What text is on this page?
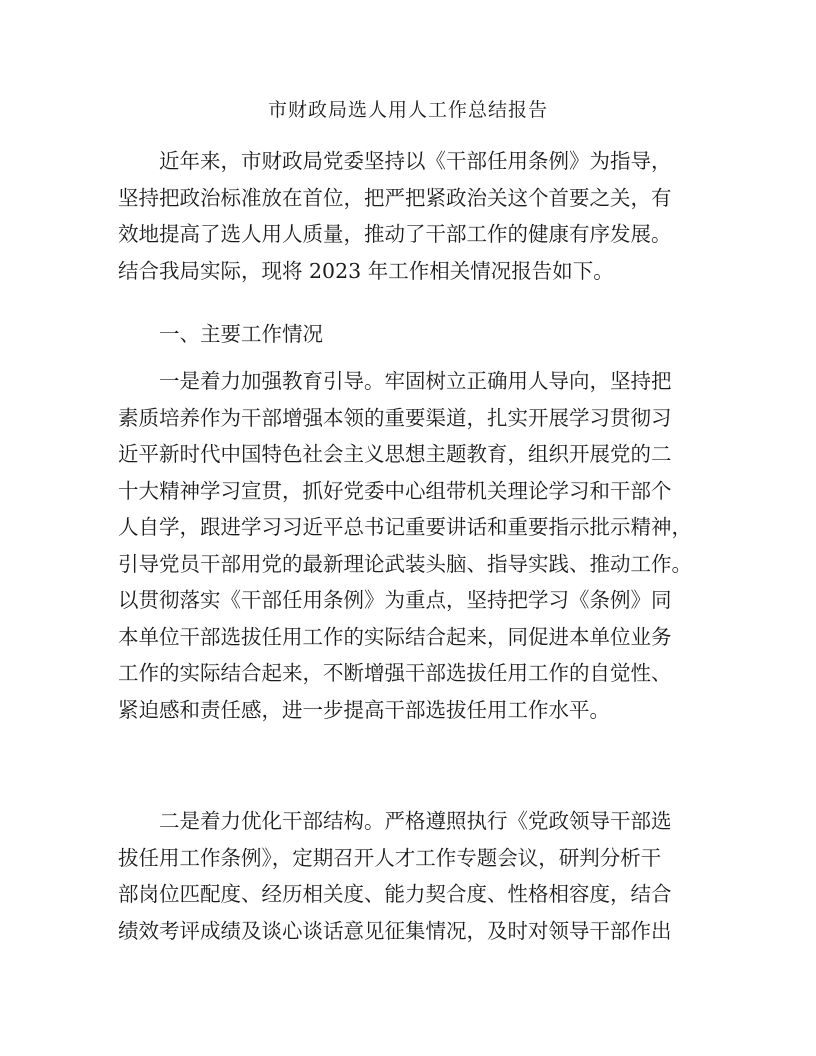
市财政局选人用人工作总结报告

　　近年来，市财政局党委坚持以《干部任用条例》为指导，
坚持把政治标准放在首位，把严把紧政治关这个首要之关，有
效地提高了选人用人质量，推动了干部工作的健康有序发展。
结合我局实际，现将 2023 年工作相关情况报告如下。

　　一、主要工作情况

　　一是着力加强教育引导。牢固树立正确用人导向，坚持把
素质培养作为干部增强本领的重要渠道，扎实开展学习贯彻习
近平新时代中国特色社会主义思想主题教育，组织开展党的二
十大精神学习宣贯，抓好党委中心组带机关理论学习和干部个
人自学，跟进学习习近平总书记重要讲话和重要指示批示精神，
引导党员干部用党的最新理论武装头脑、指导实践、推动工作。
以贯彻落实《干部任用条例》为重点，坚持把学习《条例》同
本单位干部选拔任用工作的实际结合起来，同促进本单位业务
工作的实际结合起来，不断增强干部选拔任用工作的自觉性、
紧迫感和责任感，进一步提高干部选拔任用工作水平。

　　二是着力优化干部结构。严格遵照执行《党政领导干部选
拔任用工作条例》，定期召开人才工作专题会议，研判分析干
部岗位匹配度、经历相关度、能力契合度、性格相容度，结合
绩效考评成绩及谈心谈话意见征集情况，及时对领导干部作出
